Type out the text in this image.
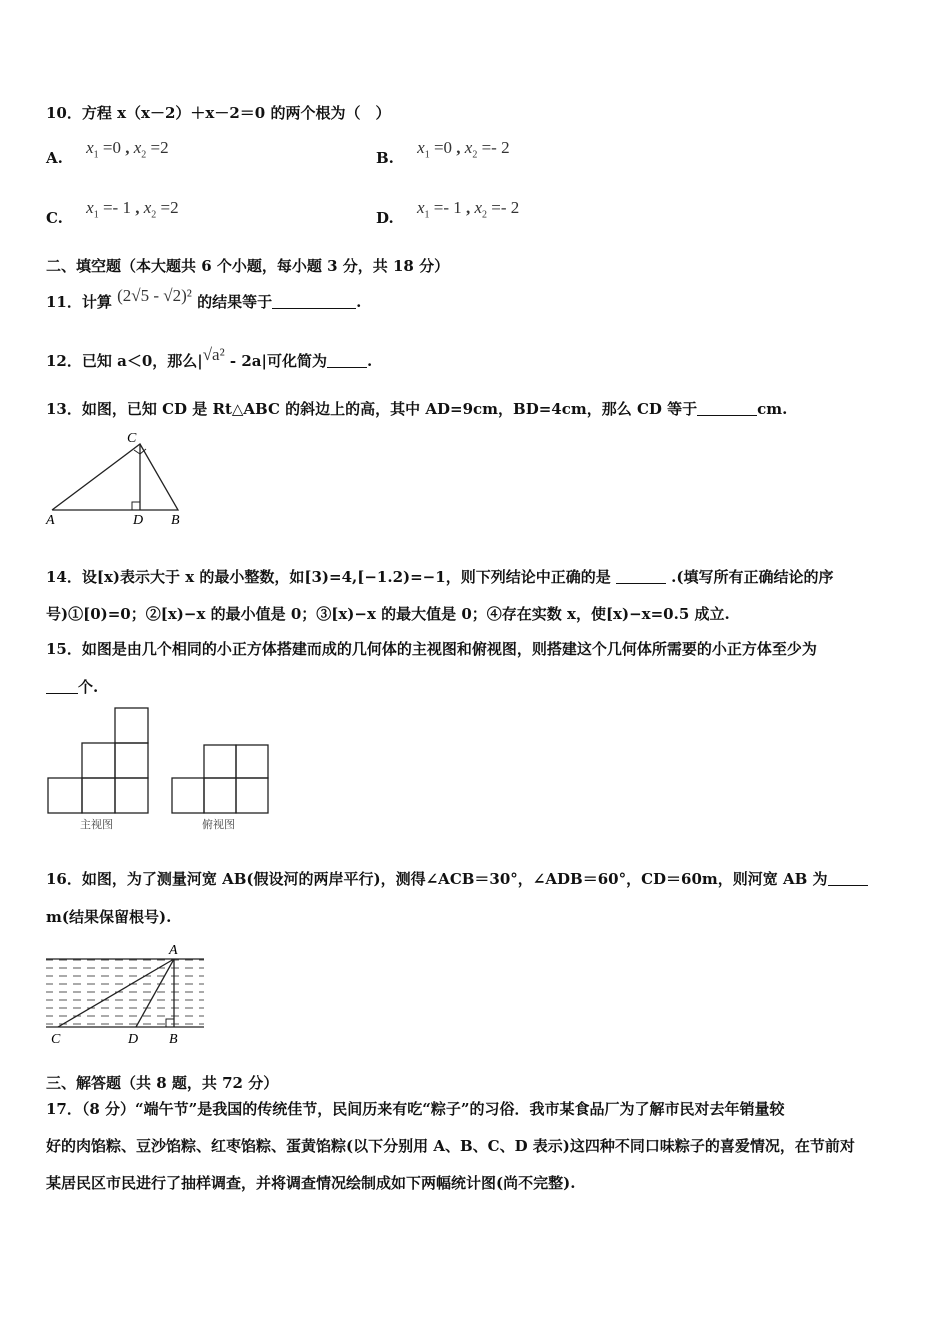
10．方程 x（x－2）＋x－2＝0 的两个根为（　）
A. $x_1 =0$ , $x_2 =2$
B. $x_1 =0$ , $x_2 =- 2$
C. $x_1 =- 1$ , $x_2 =2$
D. $x_1 =- 1$ , $x_2 =- 2$
二、填空题（本大题共 6 个小题，每小题 3 分，共 18 分）
11．计算 (2√5 - √2)² 的结果等于	.
12．已知 a＜0，那么|√a² - 2a|可化简为	.
13．如图，已知 CD 是 Rt△ABC 的斜边上的高，其中 AD=9cm，BD=4cm，那么 CD 等于	cm.
A	D B
C
14．设[x)表示大于 x 的最小整数，如[3)=4,[−1.2)=−1，则下列结论中正确的是	.(填写所有正确结论的序
号)①[0)=0；②[x)−x 的最小值是 0；③[x)−x 的最大值是 0；④存在实数 x，使[x)−x=0.5 成立.
15．如图是由几个相同的小正方体搭建而成的几何体的主视图和俯视图，则搭建这个几何体所需要的小正方体至少为
个.
主视图	俯视图
16．如图，为了测量河宽 AB(假设河的两岸平行)，测得∠ACB＝30°，∠ADB＝60°，CD＝60m，则河宽 AB 为
m(结果保留根号).
A
C	D B
三、解答题（共 8 题，共 72 分）
17．（8 分）“端午节”是我国的传统佳节，民间历来有吃“粽子”的习俗．我市某食品厂为了解市民对去年销量较
好的肉馅粽、豆沙馅粽、红枣馅粽、蛋黄馅粽(以下分别用 A、B、C、D 表示)这四种不同口味粽子的喜爱情况，在节前对
某居民区市民进行了抽样调查，并将调查情况绘制成如下两幅统计图(尚不完整).
